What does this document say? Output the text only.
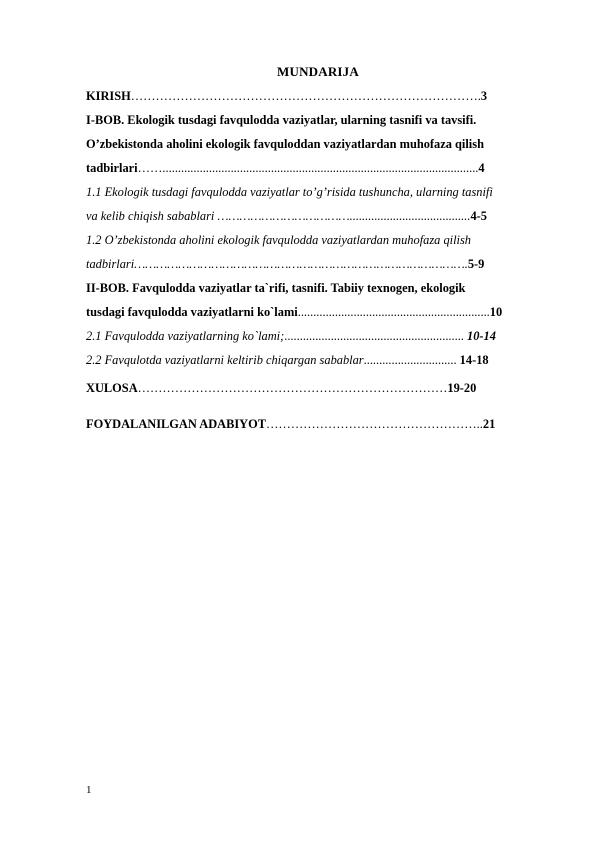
MUNDARIJA
KIRISH………………………………………………………………………….3
I-BOB. Ekologik tusdagi favqulodda vaziyatlar, ularning tasnifi va tavsifi.
O’zbekistonda aholini ekologik favquloddan vaziyatlardan muhofaza qilish
tadbirlari……......................................................................................................4
1.1 Ekologik tusdagi favqulodda vaziyatlar to’g’risida tushuncha, ularning tasnifi
va kelib chiqish sabablari ……………………………….......................................4-5
1.2 O’zbekistonda aholini ekologik favqulodda vaziyatlardan muhofaza qilish
tadbirlari……………………………………………………………………………….5-9
II-BOB. Favqulodda vaziyatlar ta`rifi, tasnifi. Tabiiy texnogen, ekologik
tusdagi favqulodda vaziyatlarni ko`lami..............................................................10
2.1 Favqulodda vaziyatlarning ko`lami;.......................................................... 10-14
2.2 Favqulotda vaziyatlarni keltirib chiqargan sabablar.............................. 14-18
XULOSA…………………………………………………………………19-20
FOYDALANILGAN ADABIYOT……………………………………………..21
1
